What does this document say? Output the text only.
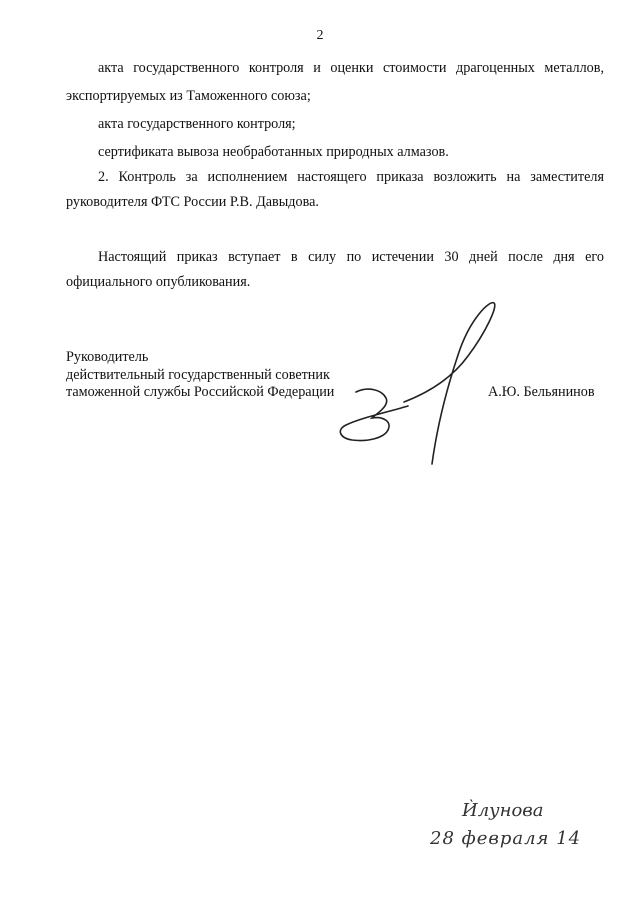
2
акта государственного контроля и оценки стоимости драгоценных металлов,
экспортируемых из Таможенного союза;
акта государственного контроля;
сертификата вывоза необработанных природных алмазов.
2. Контроль за исполнением настоящего приказа возложить на заместителя
руководителя ФТС России Р.В. Давыдова.
Настоящий приказ вступает в силу по истечении 30 дней после дня его
официального опубликования.
Руководитель
действительный государственный советник
таможенной службы Российской Федерации	А.Ю. Бельянинов
Ѝлунова
28 февраля 14
